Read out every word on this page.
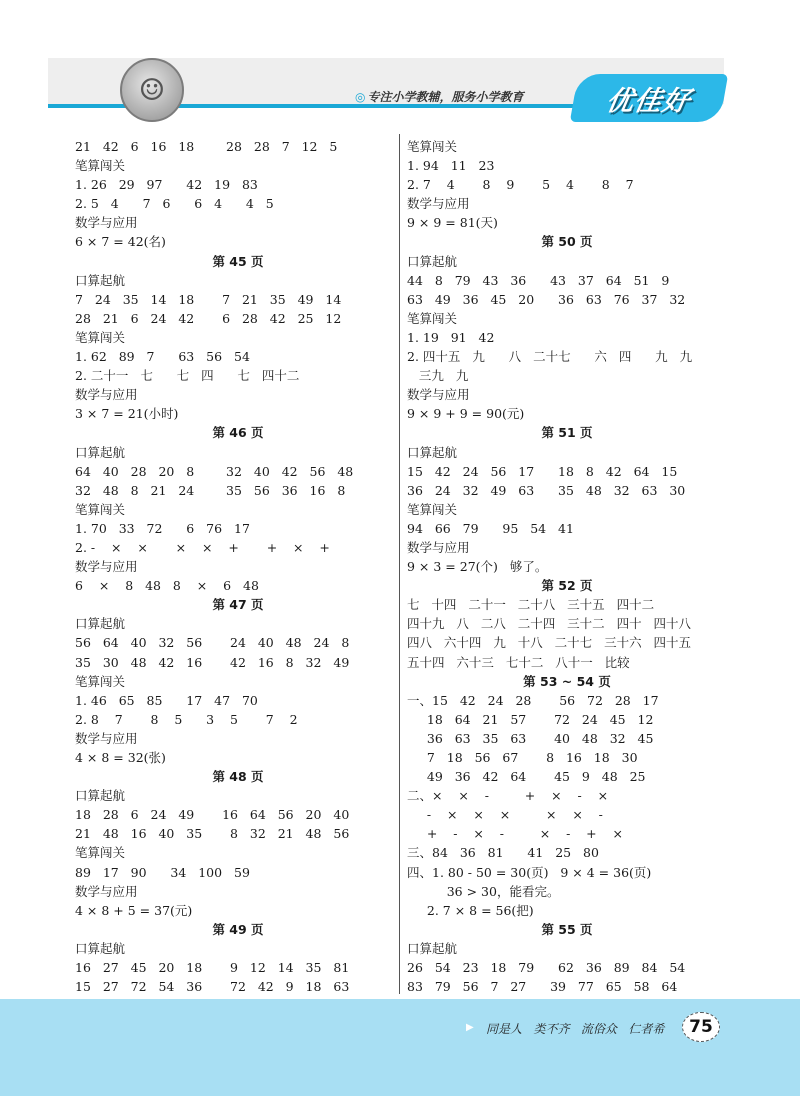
☺	◎ 专注小学教辅，服务小学教育	优佳好
21   42   6   16   18        28   28   7   12   5
笔算闯关
1. 26   29   97      42   19   83
2. 5   4      7   6      6   4      4   5
数学与应用
6 × 7 = 42(名)
第 45 页
口算起航
7   24   35   14   18       7   21   35   49   14
28   21   6   24   42       6   28   42   25   12
笔算闯关
1. 62   89   7      63   56   54
2. 二十一   七      七   四      七   四十二
数学与应用
3 × 7 = 21(小时)
第 46 页
口算起航
64   40   28   20   8        32   40   42   56   48
32   48   8   21   24        35   56   36   16   8
笔算闯关
1. 70   33   72      6   76   17
2. -    ×    ×       ×    ×    +       +    ×    +
数学与应用
6    ×    8   48   8    ×    6   48
第 47 页
口算起航
56   64   40   32   56       24   40   48   24   8
35   30   48   42   16       42   16   8   32   49
笔算闯关
1. 46   65   85      17   47   70
2. 8    7       8    5      3    5       7    2
数学与应用
4 × 8 = 32(张)
第 48 页
口算起航
18   28   6   24   49       16   64   56   20   40
21   48   16   40   35       8   32   21   48   56
笔算闯关
89   17   90      34   100   59
数学与应用
4 × 8 + 5 = 37(元)
第 49 页
口算起航
16   27   45   20   18       9   12   14   35   81
15   27   72   54   36       72   42   9   18   63
笔算闯关
1. 94   11   23
2. 7    4       8    9       5    4       8    7
数学与应用
9 × 9 = 81(天)
第 50 页
口算起航
44   8   79   43   36      43   37   64   51   9
63   49   36   45   20      36   63   76   37   32
笔算闯关
1. 19   91   42
2. 四十五   九      八   二十七      六   四      九   九
三九   九
数学与应用
9 × 9 + 9 = 90(元)
第 51 页
口算起航
15   42   24   56   17      18   8   42   64   15
36   24   32   49   63      35   48   32   63   30
笔算闯关
94   66   79      95   54   41
数学与应用
9 × 3 = 27(个)   够了。
第 52 页
七   十四   二十一   二十八   三十五   四十二
四十九   八   二八   二十四   三十二   四十   四十八
四八   六十四   九   十八   二十七   三十六   四十五
五十四   六十三   七十二   八十一   比较
第 53 ~ 54 页
一、15   42   24   28       56   72   28   17
18   64   21   57       72   24   45   12
36   63   35   63       40   48   32   45
7   18   56   67       8   16   18   30
49   36   42   64       45   9   48   25
二、×    ×    -         +    ×    -    ×
-    ×    ×    ×         ×    ×    -
+    -    ×    -         ×    -    +    ×
三、84   36   81      41   25   80
四、1. 80 - 50 = 30(页)   9 × 4 = 36(页)
36 > 30，能看完。
2. 7 × 8 = 56(把)
第 55 页
口算起航
26   54   23   18   79      62   36   89   84   54
83   79   56   7   27      39   77   65   58   64
▶ 同是人   类不齐   流俗众   仁者希	75
